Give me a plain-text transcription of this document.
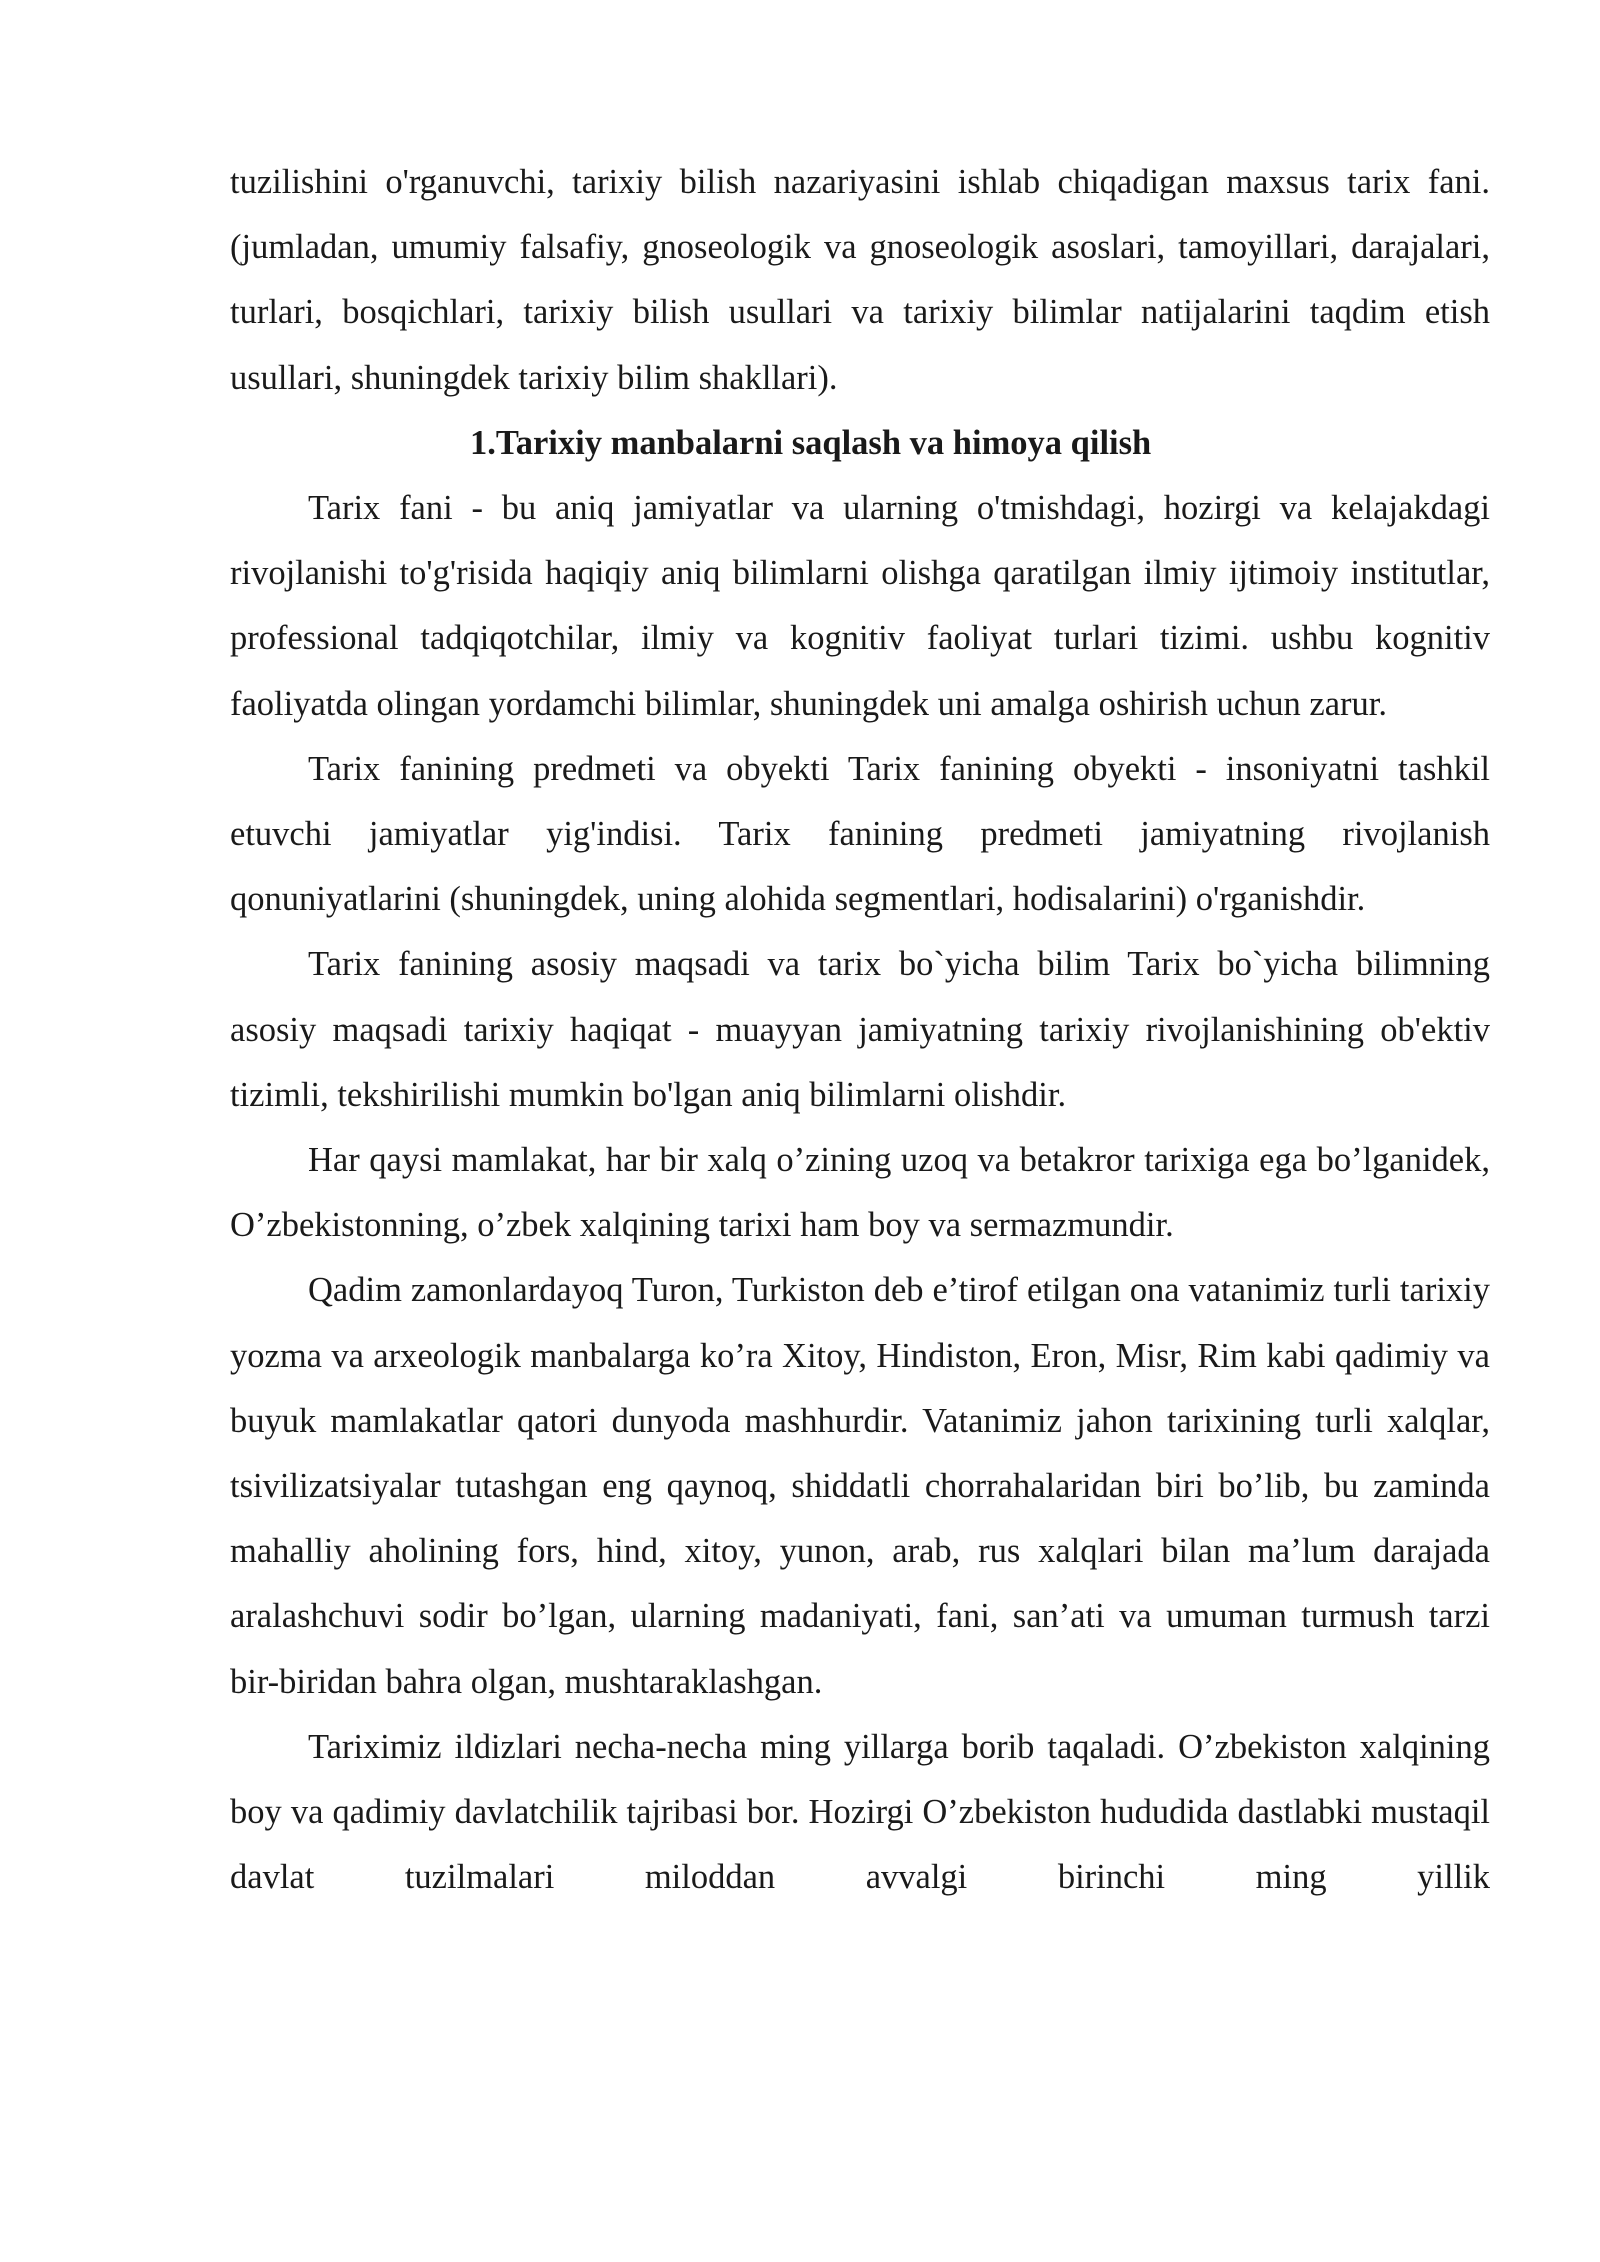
tuzilishini o'rganuvchi, tarixiy bilish nazariyasini ishlab chiqadigan maxsus tarix fani. (jumladan, umumiy falsafiy, gnoseologik va gnoseologik asoslari, tamoyillari, darajalari, turlari, bosqichlari, tarixiy bilish usullari va tarixiy bilimlar natijalarini taqdim etish usullari, shuningdek tarixiy bilim shakllari).

1.Tarixiy manbalarni saqlash va himoya qilish

Tarix fani - bu aniq jamiyatlar va ularning o'tmishdagi, hozirgi va kelajakdagi rivojlanishi to'g'risida haqiqiy aniq bilimlarni olishga qaratilgan ilmiy ijtimoiy institutlar, professional tadqiqotchilar, ilmiy va kognitiv faoliyat turlari tizimi. ushbu kognitiv faoliyatda olingan yordamchi bilimlar, shuningdek uni amalga oshirish uchun zarur.

Tarix fanining predmeti va obyekti Tarix fanining obyekti - insoniyatni tashkil etuvchi jamiyatlar yig'indisi. Tarix fanining predmeti jamiyatning rivojlanish qonuniyatlarini (shuningdek, uning alohida segmentlari, hodisalarini) o'rganishdir.

Tarix fanining asosiy maqsadi va tarix bo`yicha bilim Tarix bo`yicha bilimning asosiy maqsadi tarixiy haqiqat - muayyan jamiyatning tarixiy rivojlanishining ob'ektiv tizimli, tekshirilishi mumkin bo'lgan aniq bilimlarni olishdir.

Har qaysi mamlakat, har bir xalq o’zining uzoq va betakror tarixiga ega bo’lganidek, O’zbekistonning, o’zbek xalqining tarixi ham boy va sermazmundir.

Qadim zamonlardayoq Turon, Turkiston deb e’tirof etilgan ona vatanimiz turli tarixiy yozma va arxeologik manbalarga ko’ra Xitoy, Hindiston, Eron, Misr, Rim kabi qadimiy va buyuk mamlakatlar qatori dunyoda mashhurdir. Vatanimiz jahon tarixining turli xalqlar, tsivilizatsiyalar tutashgan eng qaynoq, shiddatli chorrahalaridan biri bo’lib, bu zaminda mahalliy aholining fors, hind, xitoy, yunon, arab, rus xalqlari bilan ma’lum darajada aralashchuvi sodir bo’lgan, ularning madaniyati, fani, san’ati va umuman turmush tarzi bir-biridan bahra olgan, mushtaraklashgan.

Tariximiz ildizlari necha-necha ming yillarga borib taqaladi. O’zbekiston xalqining boy va qadimiy davlatchilik tajribasi bor. Hozirgi O’zbekiston hududida dastlabki mustaqil davlat tuzilmalari miloddan avvalgi birinchi ming yillik
